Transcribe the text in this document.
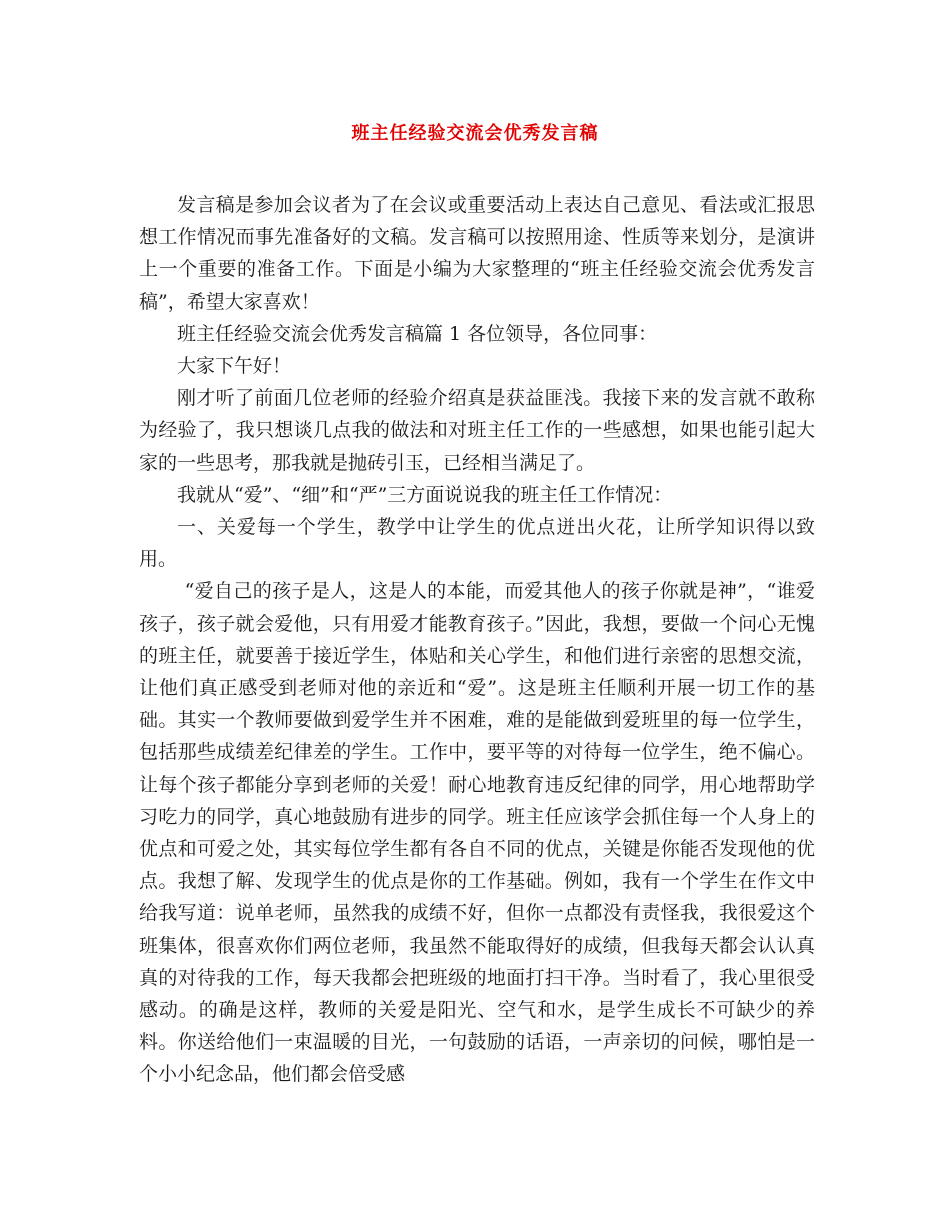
班主任经验交流会优秀发言稿

发言稿是参加会议者为了在会议或重要活动上表达自己意见、看法或汇报思想工作情况而事先准备好的文稿。发言稿可以按照用途、性质等来划分，是演讲上一个重要的准备工作。下面是小编为大家整理的“班主任经验交流会优秀发言稿”，希望大家喜欢！

班主任经验交流会优秀发言稿篇 1 各位领导，各位同事：

大家下午好！

刚才听了前面几位老师的经验介绍真是获益匪浅。我接下来的发言就不敢称为经验了，我只想谈几点我的做法和对班主任工作的一些感想，如果也能引起大家的一些思考，那我就是抛砖引玉，已经相当满足了。

我就从“爱”、“细”和“严”三方面说说我的班主任工作情况：

一、关爱每一个学生，教学中让学生的优点迸出火花，让所学知识得以致用。

“爱自己的孩子是人，这是人的本能，而爱其他人的孩子你就是神”，“谁爱孩子，孩子就会爱他，只有用爱才能教育孩子。”因此，我想，要做一个问心无愧的班主任，就要善于接近学生，体贴和关心学生，和他们进行亲密的思想交流，让他们真正感受到老师对他的亲近和“爱”。这是班主任顺利开展一切工作的基础。其实一个教师要做到爱学生并不困难，难的是能做到爱班里的每一位学生，包括那些成绩差纪律差的学生。工作中，要平等的对待每一位学生，绝不偏心。让每个孩子都能分享到老师的关爱！耐心地教育违反纪律的同学，用心地帮助学习吃力的同学，真心地鼓励有进步的同学。班主任应该学会抓住每一个人身上的优点和可爱之处，其实每位学生都有各自不同的优点，关键是你能否发现他的优点。我想了解、发现学生的优点是你的工作基础。例如，我有一个学生在作文中给我写道：说单老师，虽然我的成绩不好，但你一点都没有责怪我，我很爱这个班集体，很喜欢你们两位老师，我虽然不能取得好的成绩，但我每天都会认认真真的对待我的工作，每天我都会把班级的地面打扫干净。当时看了，我心里很受感动。的确是这样，教师的关爱是阳光、空气和水，是学生成长不可缺少的养料。你送给他们一束温暖的目光，一句鼓励的话语，一声亲切的问候，哪怕是一个小小纪念品，他们都会倍受感
